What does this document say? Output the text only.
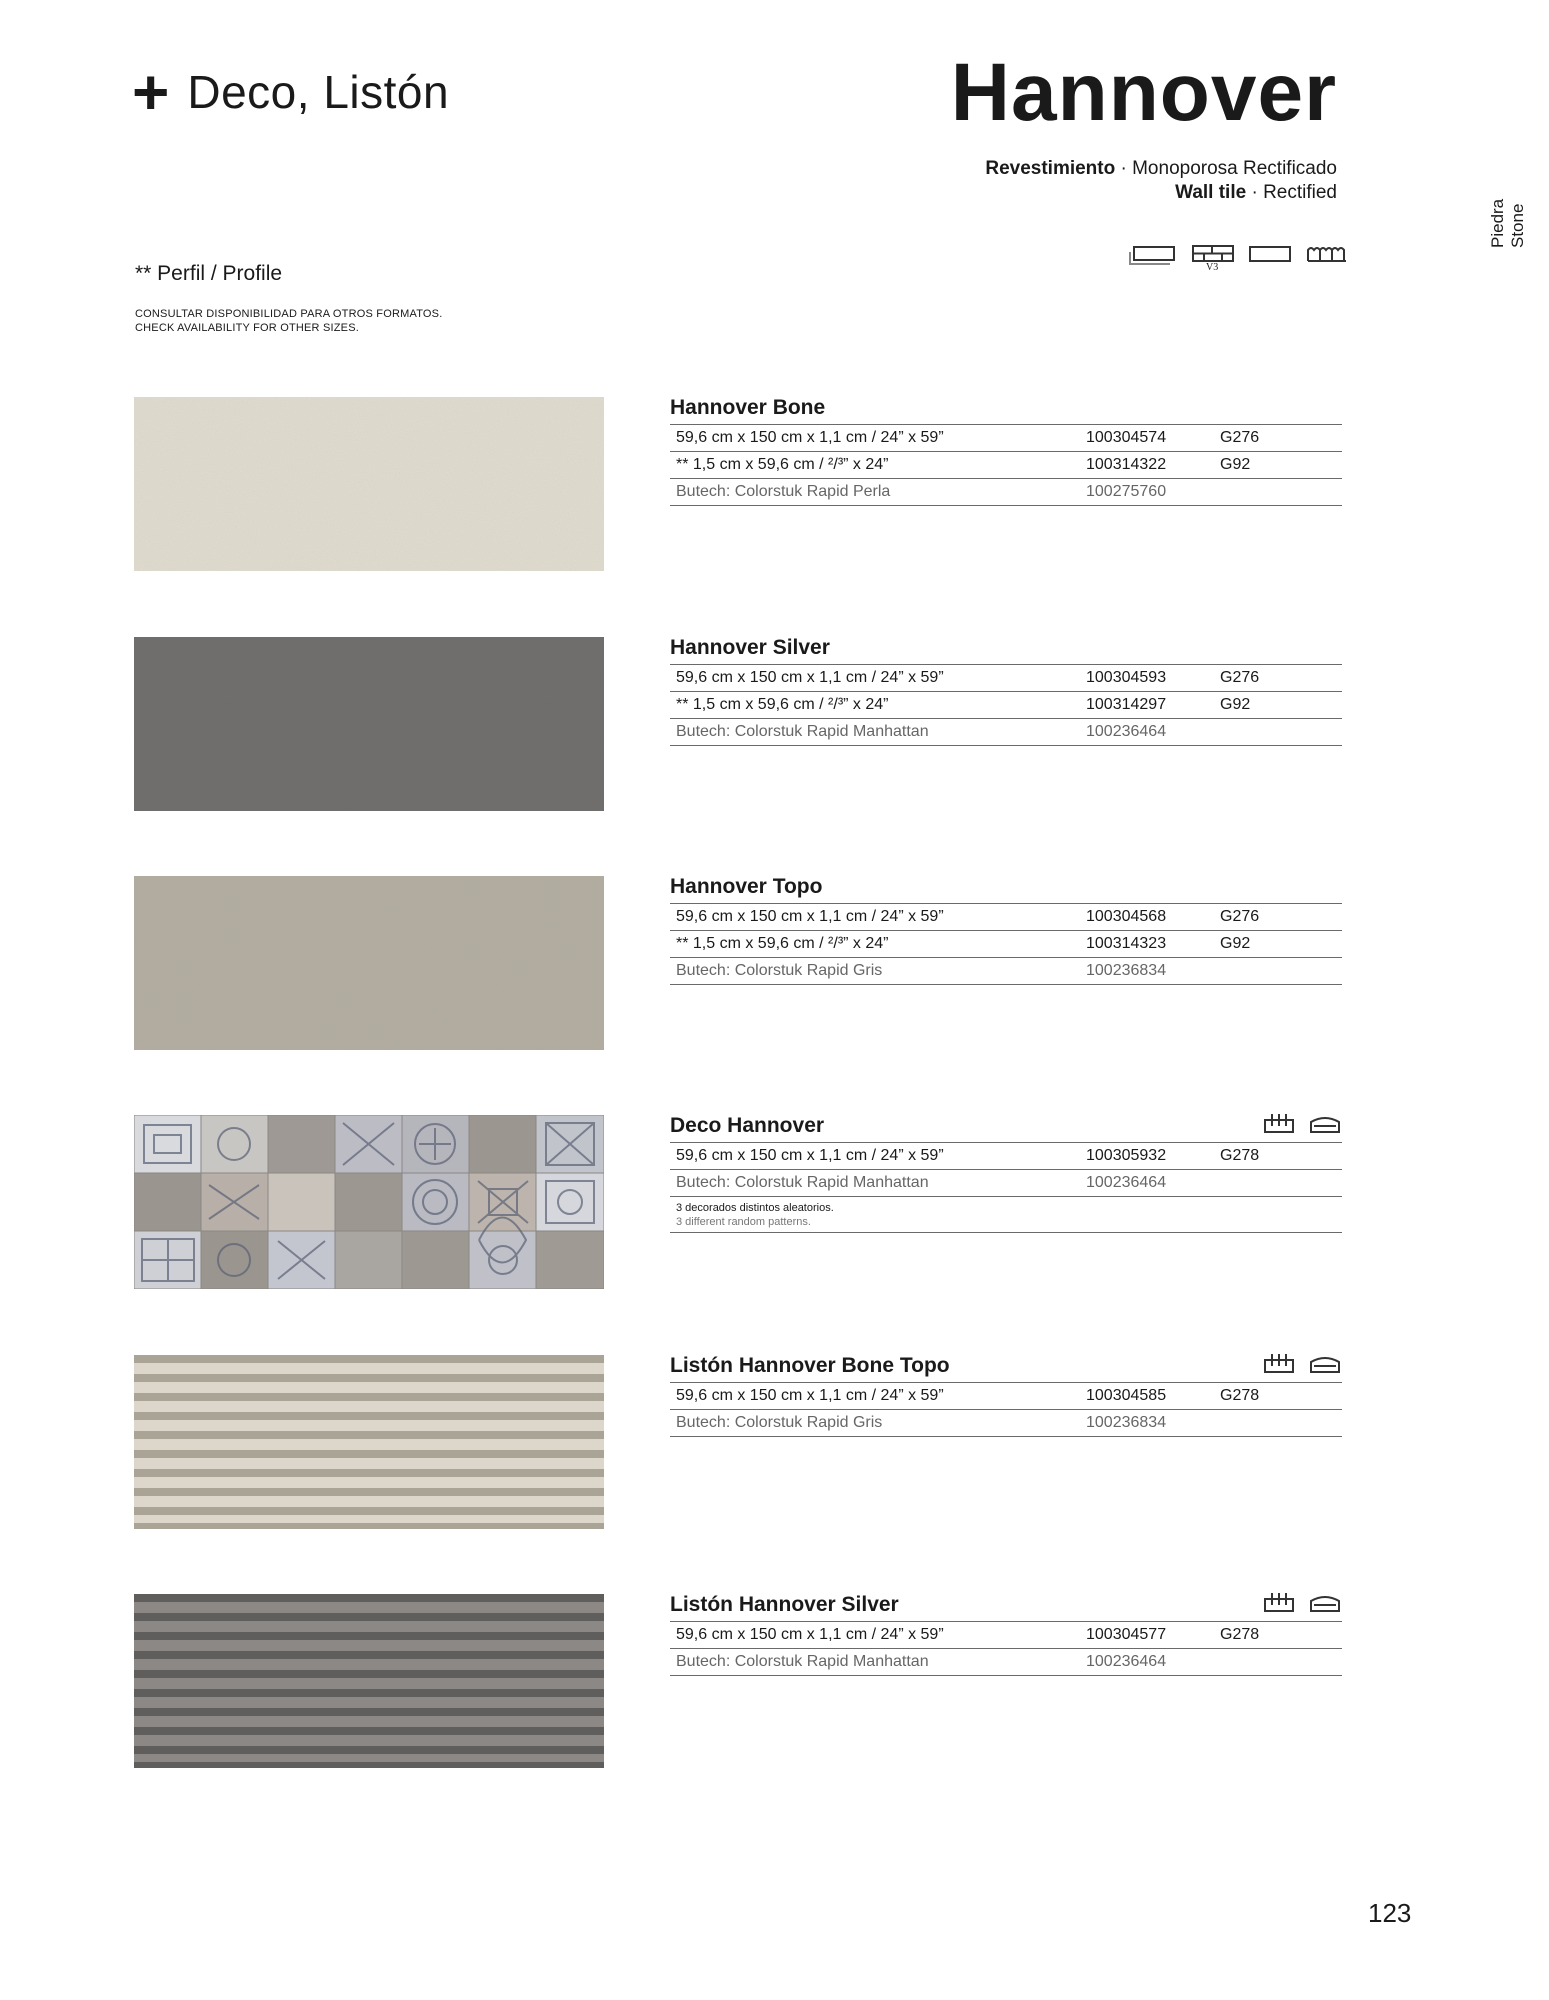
+ Deco, Listón	Hannover
Revestimiento · Monoporosa Rectificado
Wall tile · Rectified
Piedra Stone
V3
** Perfil / Profile
CONSULTAR DISPONIBILIDAD PARA OTROS FORMATOS.
CHECK AVAILABILITY FOR OTHER SIZES.
Hannover Bone
59,6 cm x 150 cm x 1,1 cm / 24” x 59”	100304574	G276
** 1,5 cm x 59,6 cm / ²/³” x 24”	100314322	G92
Butech: Colorstuk Rapid Perla	100275760
Hannover Silver
59,6 cm x 150 cm x 1,1 cm / 24” x 59”	100304593	G276
** 1,5 cm x 59,6 cm / ²/³” x 24”	100314297	G92
Butech: Colorstuk Rapid Manhattan	100236464
Hannover Topo
59,6 cm x 150 cm x 1,1 cm / 24” x 59”	100304568	G276
** 1,5 cm x 59,6 cm / ²/³” x 24”	100314323	G92
Butech: Colorstuk Rapid Gris	100236834
Deco Hannover
59,6 cm x 150 cm x 1,1 cm / 24” x 59”	100305932	G278
Butech: Colorstuk Rapid Manhattan	100236464
3 decorados distintos aleatorios.
3 different random patterns.
Listón Hannover Bone Topo
59,6 cm x 150 cm x 1,1 cm / 24” x 59”	100304585	G278
Butech: Colorstuk Rapid Gris	100236834
Listón Hannover Silver
59,6 cm x 150 cm x 1,1 cm / 24” x 59”	100304577	G278
Butech: Colorstuk Rapid Manhattan	100236464
123
